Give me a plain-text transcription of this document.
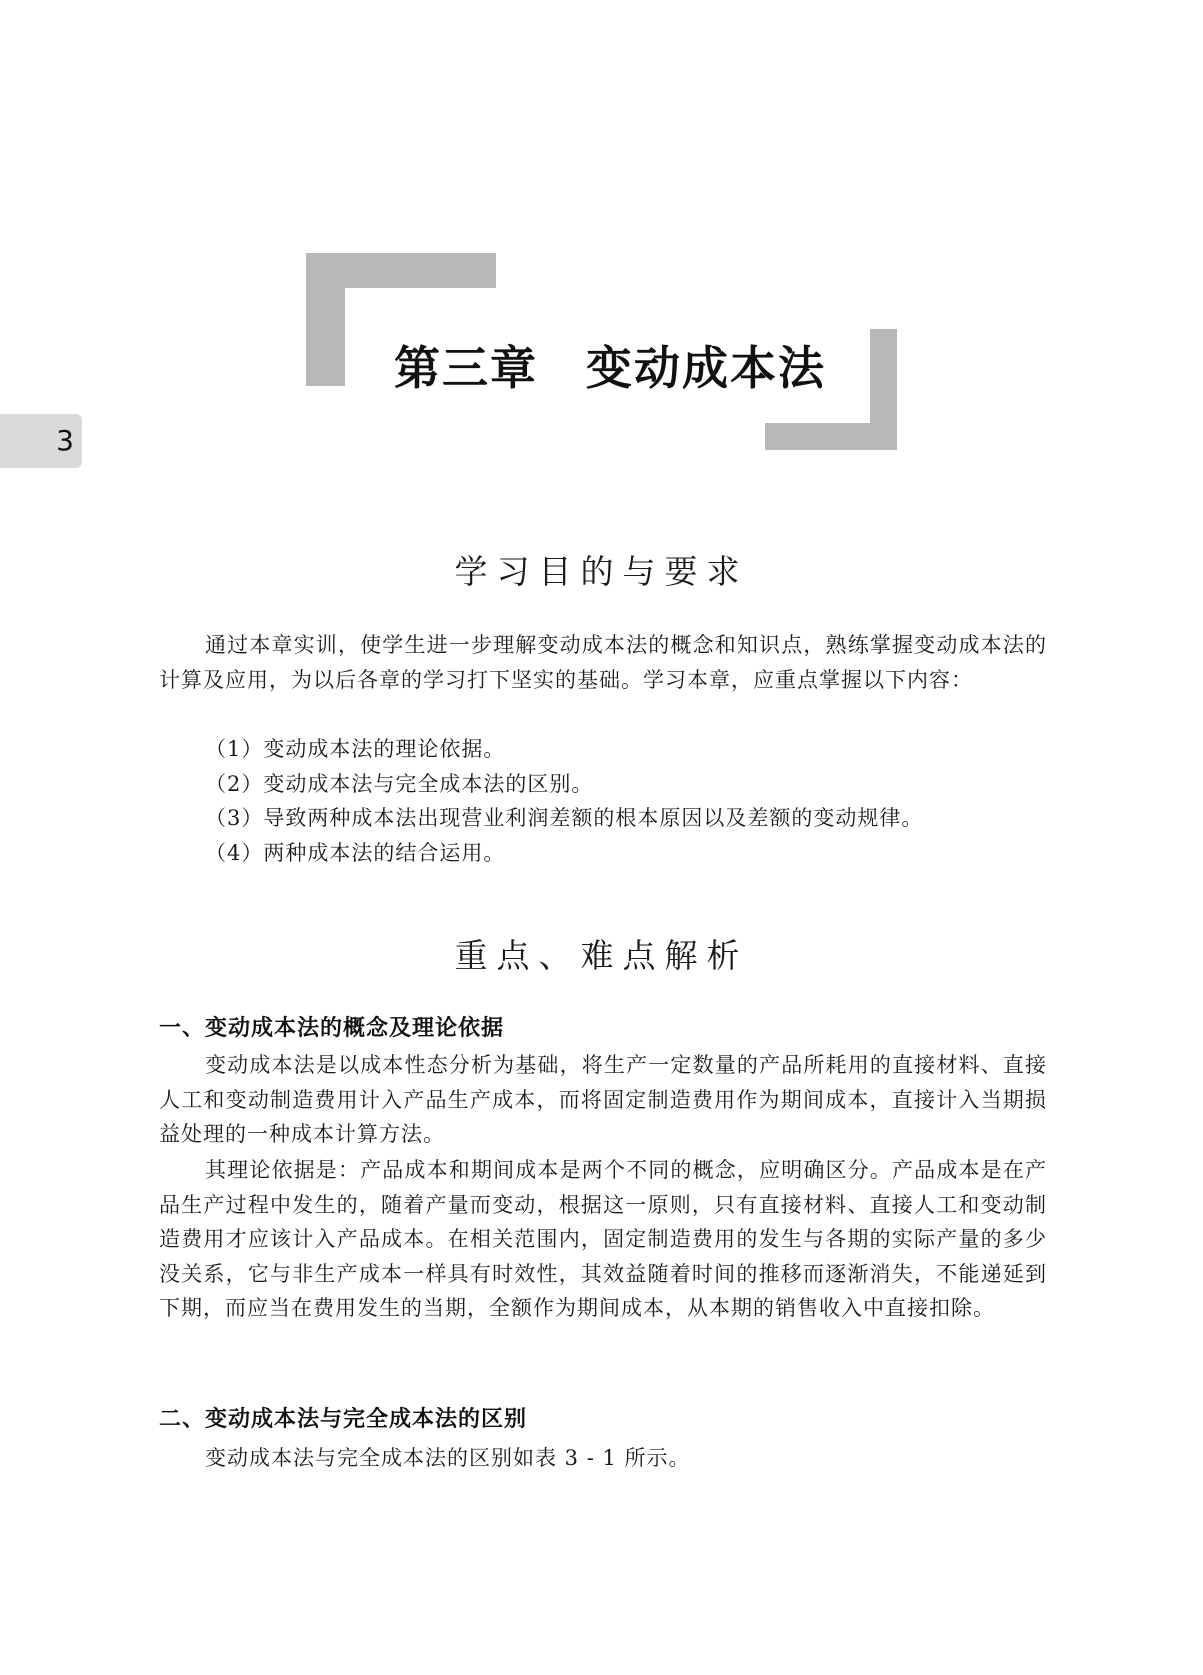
第三章　变动成本法
3
学习目的与要求

通过本章实训，使学生进一步理解变动成本法的概念和知识点，熟练掌握变动成本法的计算及应用，为以后各章的学习打下坚实的基础。学习本章，应重点掌握以下内容：

（1）变动成本法的理论依据。
（2）变动成本法与完全成本法的区别。
（3）导致两种成本法出现营业利润差额的根本原因以及差额的变动规律。
（4）两种成本法的结合运用。
重点、难点解析
一、变动成本法的概念及理论依据

变动成本法是以成本性态分析为基础，将生产一定数量的产品所耗用的直接材料、直接人工和变动制造费用计入产品生产成本，而将固定制造费用作为期间成本，直接计入当期损益处理的一种成本计算方法。

其理论依据是：产品成本和期间成本是两个不同的概念，应明确区分。产品成本是在产品生产过程中发生的，随着产量而变动，根据这一原则，只有直接材料、直接人工和变动制造费用才应该计入产品成本。在相关范围内，固定制造费用的发生与各期的实际产量的多少没关系，它与非生产成本一样具有时效性，其效益随着时间的推移而逐渐消失，不能递延到下期，而应当在费用发生的当期，全额作为期间成本，从本期的销售收入中直接扣除。

二、变动成本法与完全成本法的区别

变动成本法与完全成本法的区别如表 3 - 1 所示。
